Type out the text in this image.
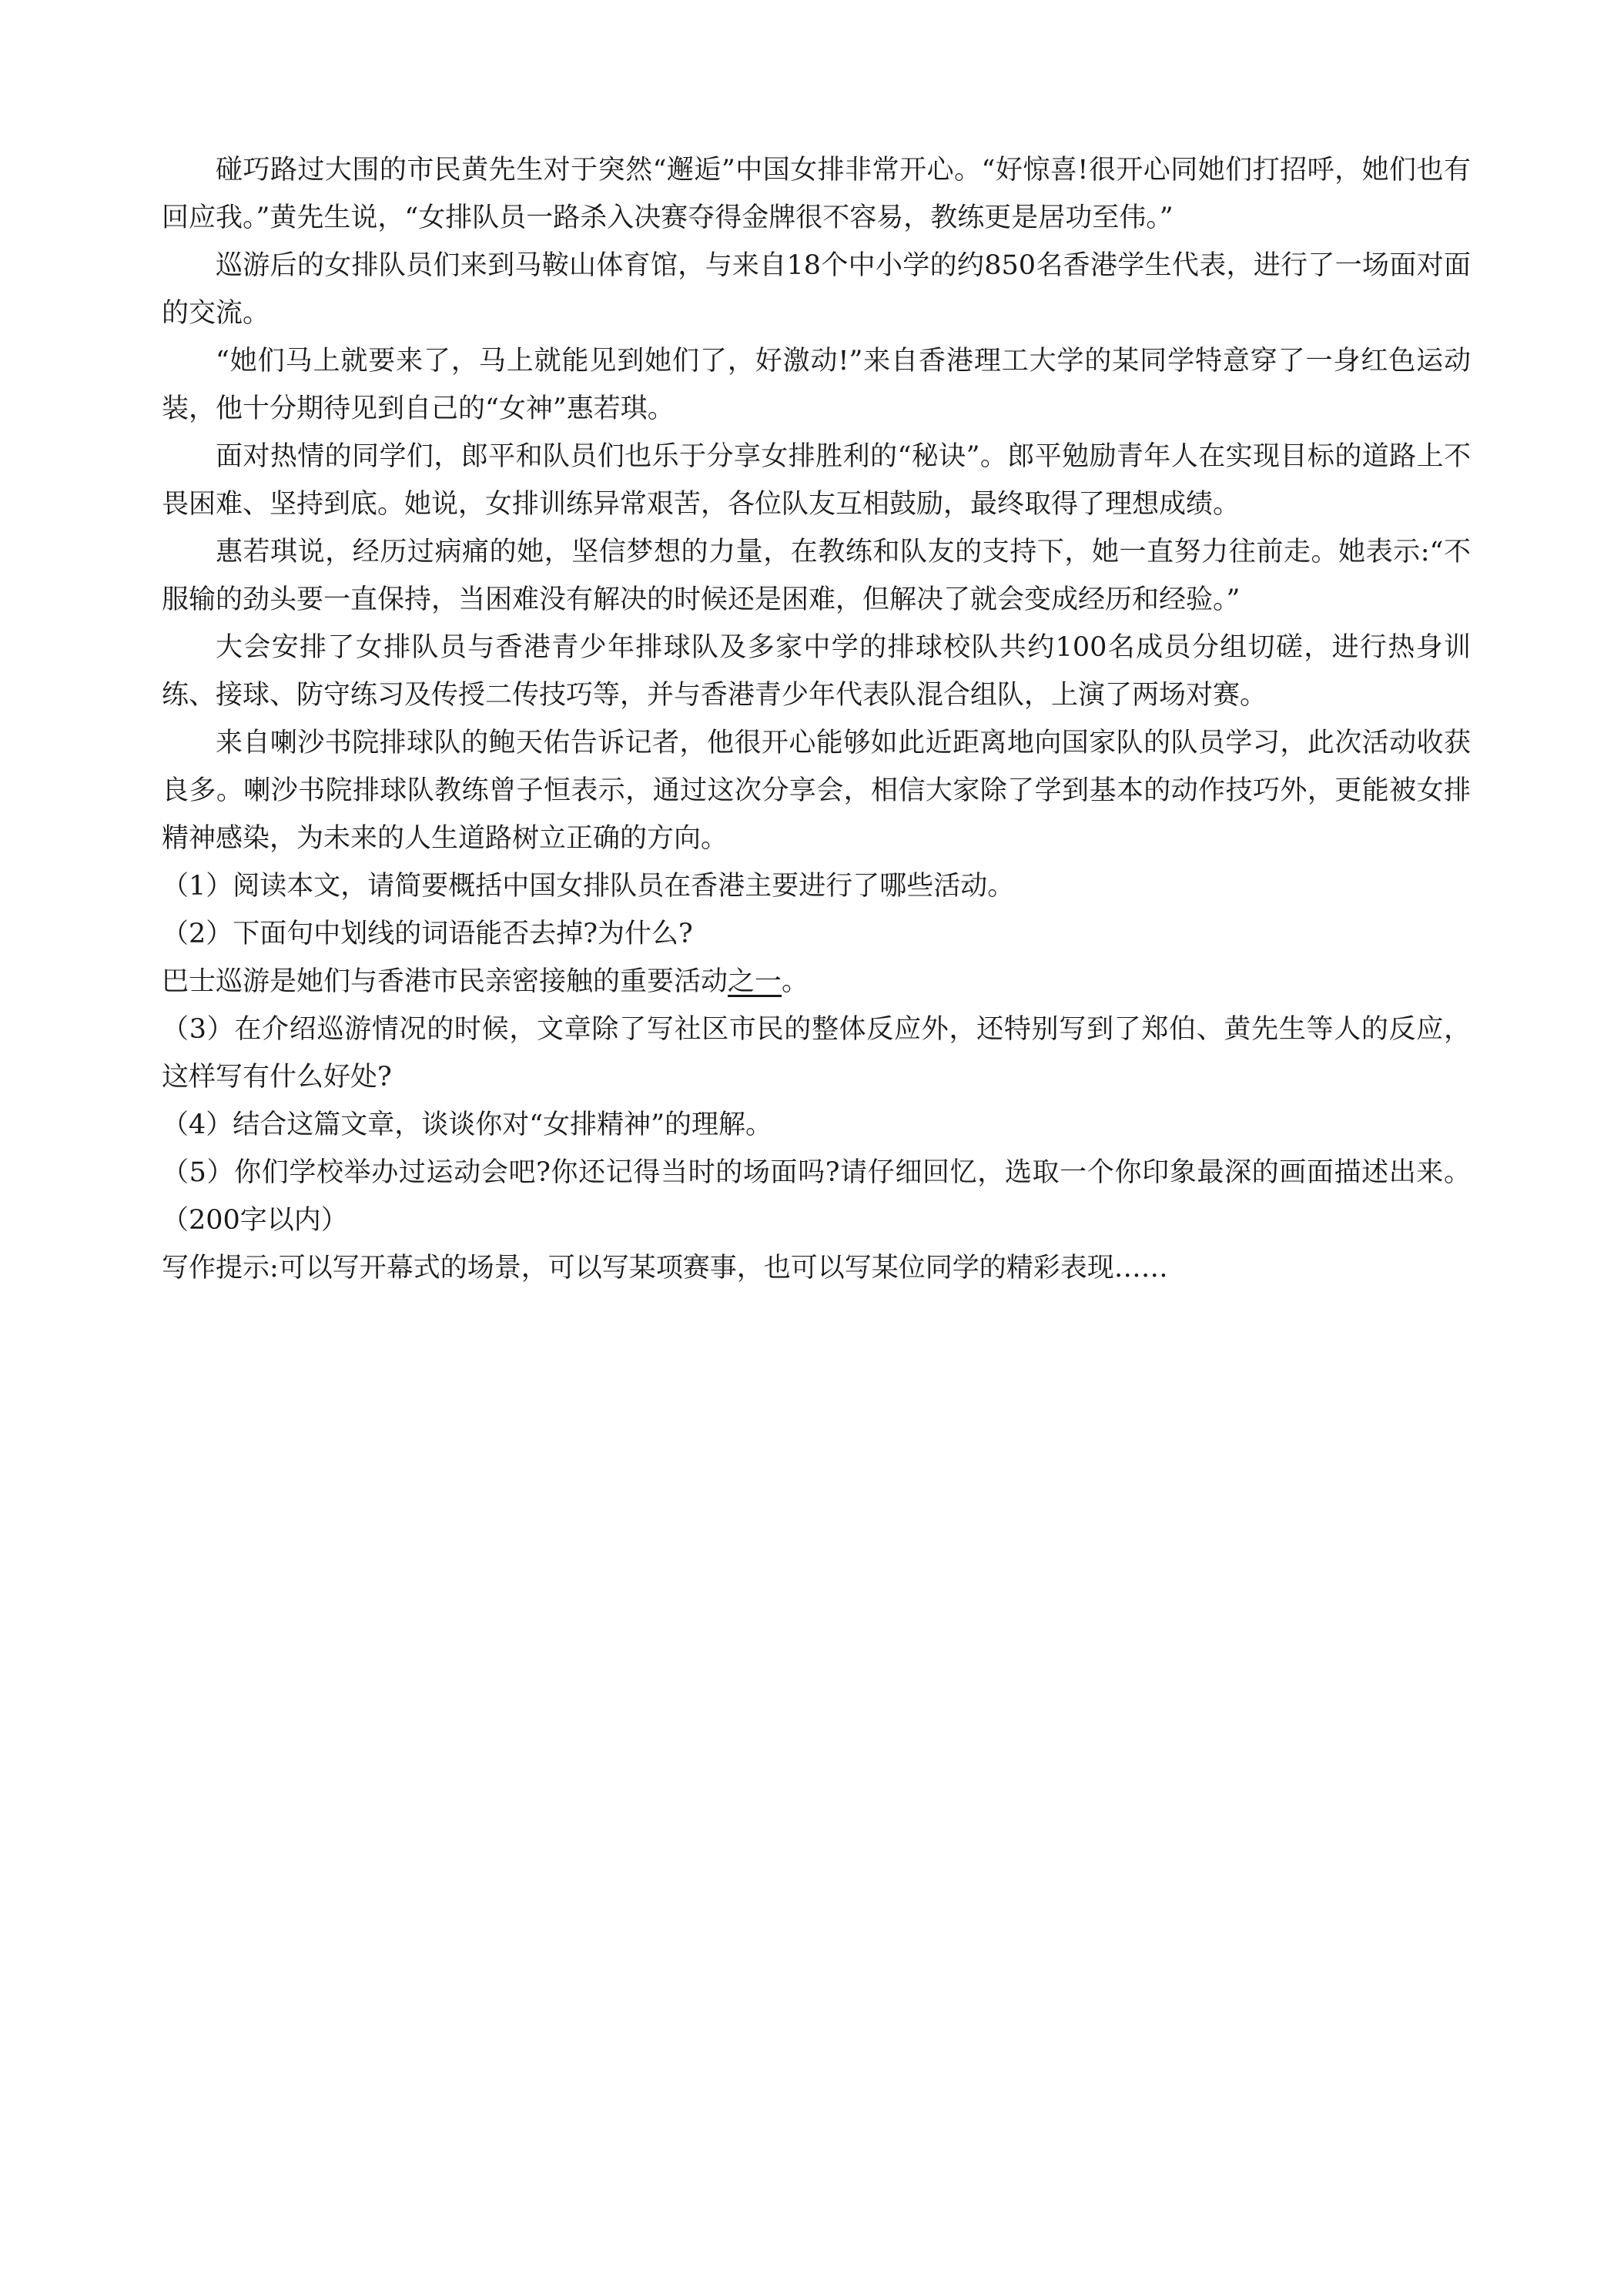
碰巧路过大围的市民黄先生对于突然“邂逅”中国女排非常开心。“好惊喜!很开心同她们打招呼，她们也有回应我。”黄先生说，“女排队员一路杀入决赛夺得金牌很不容易，教练更是居功至伟。”

巡游后的女排队员们来到马鞍山体育馆，与来自18个中小学的约850名香港学生代表，进行了一场面对面的交流。

“她们马上就要来了，马上就能见到她们了，好激动!”来自香港理工大学的某同学特意穿了一身红色运动装，他十分期待见到自己的“女神”惠若琪。

面对热情的同学们，郎平和队员们也乐于分享女排胜利的“秘诀”。郎平勉励青年人在实现目标的道路上不畏困难、坚持到底。她说，女排训练异常艰苦，各位队友互相鼓励，最终取得了理想成绩。

惠若琪说，经历过病痛的她，坚信梦想的力量，在教练和队友的支持下，她一直努力往前走。她表示:“不服输的劲头要一直保持，当困难没有解决的时候还是困难，但解决了就会变成经历和经验。”

大会安排了女排队员与香港青少年排球队及多家中学的排球校队共约100名成员分组切磋，进行热身训练、接球、防守练习及传授二传技巧等，并与香港青少年代表队混合组队，上演了两场对赛。

来自喇沙书院排球队的鲍天佑告诉记者，他很开心能够如此近距离地向国家队的队员学习，此次活动收获良多。喇沙书院排球队教练曾子恒表示，通过这次分享会，相信大家除了学到基本的动作技巧外，更能被女排精神感染，为未来的人生道路树立正确的方向。

（1）阅读本文，请简要概括中国女排队员在香港主要进行了哪些活动。

（2）下面句中划线的词语能否去掉?为什么?

巴士巡游是她们与香港市民亲密接触的重要活动之一。

（3）在介绍巡游情况的时候，文章除了写社区市民的整体反应外，还特别写到了郑伯、黄先生等人的反应，这样写有什么好处?

（4）结合这篇文章，谈谈你对“女排精神”的理解。

（5）你们学校举办过运动会吧?你还记得当时的场面吗?请仔细回忆，选取一个你印象最深的画面描述出来。（200字以内）

写作提示:可以写开幕式的场景，可以写某项赛事，也可以写某位同学的精彩表现……
